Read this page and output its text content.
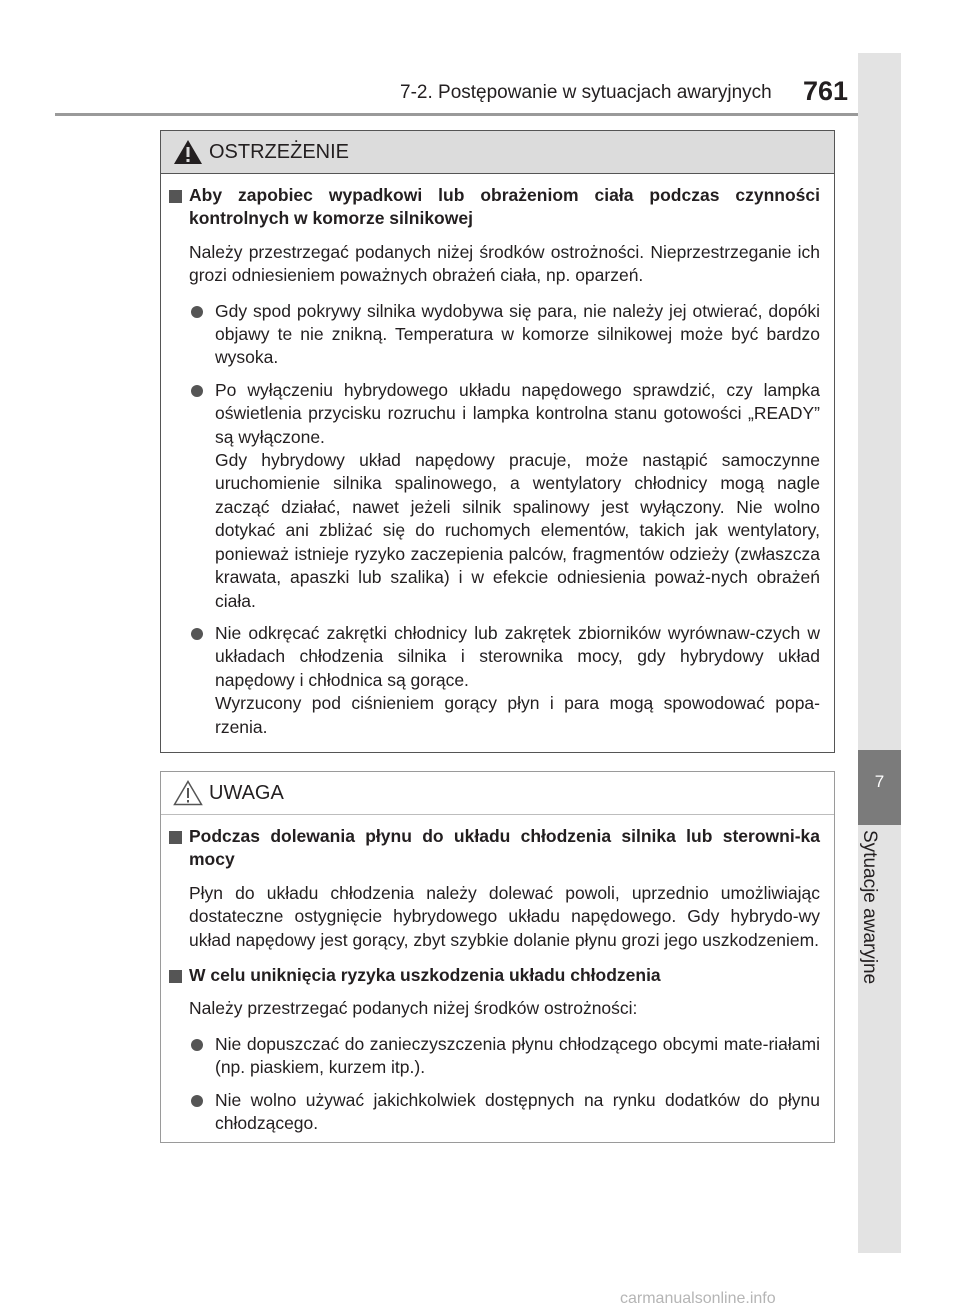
7-2. Postępowanie w sytuacjach awaryjnych 761
7
Sytuacje awaryjne
OSTRZEŻENIE
Aby zapobiec wypadkowi lub obrażeniom ciała podczas czynności kontrolnych w komorze silnikowej

Należy przestrzegać podanych niżej środków ostrożności. Nieprzestrzeganie ich grozi odniesieniem poważnych obrażeń ciała, np. oparzeń.

Gdy spod pokrywy silnika wydobywa się para, nie należy jej otwierać, dopóki objawy te nie znikną. Temperatura w komorze silnikowej może być bardzo wysoka.
Po wyłączeniu hybrydowego układu napędowego sprawdzić, czy lampka oświetlenia przycisku rozruchu i lampka kontrolna stanu gotowości „READY” są wyłączone.
Gdy hybrydowy układ napędowy pracuje, może nastąpić samoczynne uruchomienie silnika spalinowego, a wentylatory chłodnicy mogą nagle zacząć działać, nawet jeżeli silnik spalinowy jest wyłączony. Nie wolno dotykać ani zbliżać się do ruchomych elementów, takich jak wentylatory, ponieważ istnieje ryzyko zaczepienia palców, fragmentów odzieży (zwłaszcza krawata, apaszki lub szalika) i w efekcie odniesienia poważ-nych obrażeń ciała.
Nie odkręcać zakrętki chłodnicy lub zakrętek zbiorników wyrównaw-czych w układach chłodzenia silnika i sterownika mocy, gdy hybrydowy układ napędowy i chłodnica są gorące.
Wyrzucony pod ciśnieniem gorący płyn i para mogą spowodować popa-rzenia.
UWAGA
Podczas dolewania płynu do układu chłodzenia silnika lub sterowni-ka mocy

Płyn do układu chłodzenia należy dolewać powoli, uprzednio umożliwiając dostateczne ostygnięcie hybrydowego układu napędowego. Gdy hybrydo-wy układ napędowy jest gorący, zbyt szybkie dolanie płynu grozi jego uszkodzeniem.

W celu uniknięcia ryzyka uszkodzenia układu chłodzenia

Należy przestrzegać podanych niżej środków ostrożności:

Nie dopuszczać do zanieczyszczenia płynu chłodzącego obcymi mate-riałami (np. piaskiem, kurzem itp.).
Nie wolno używać jakichkolwiek dostępnych na rynku dodatków do płynu chłodzącego.
carmanualsonline.info
